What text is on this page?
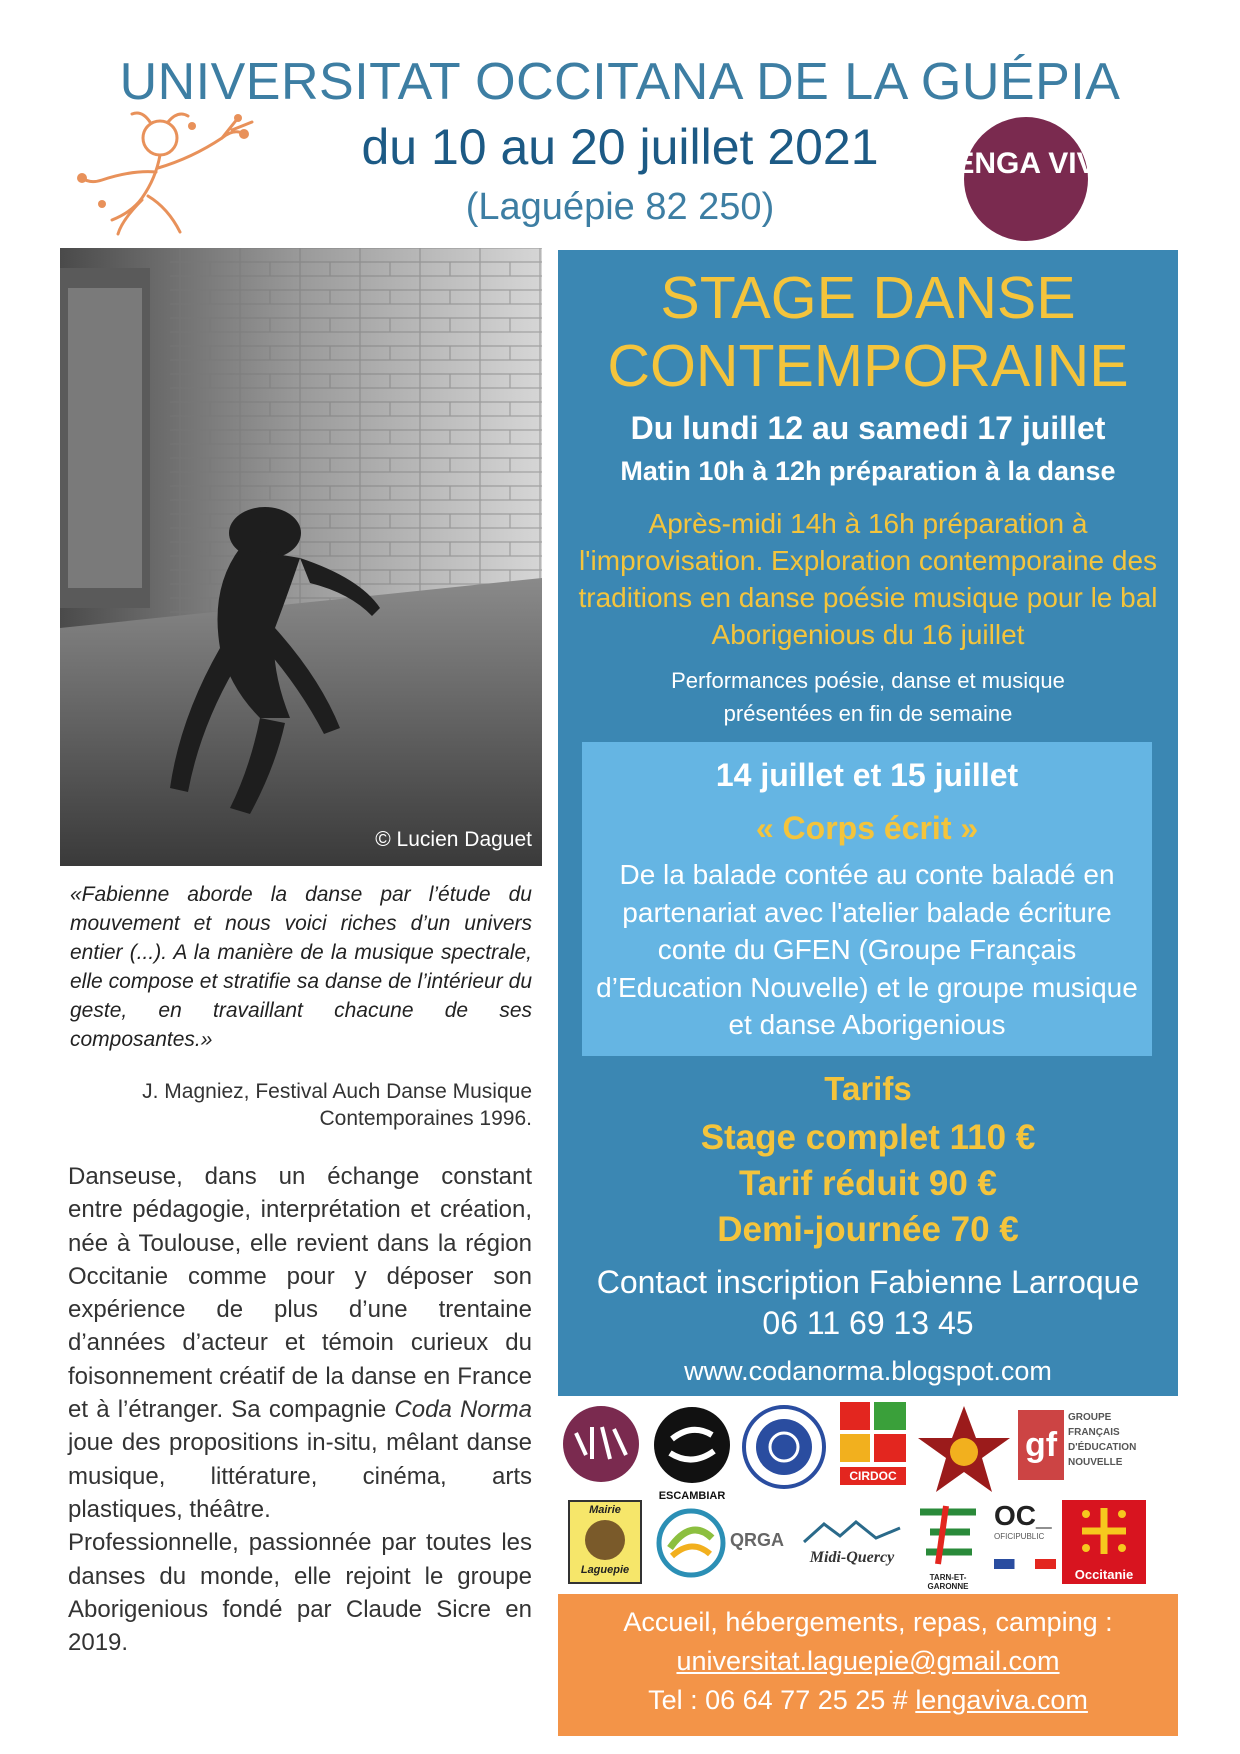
UNIVERSITAT OCCITANA DE LA GUÉPIA
du 10 au 20 juillet 2021
(Laguépie 82 250)
LENGA VIVA
© Lucien Daguet
«Fabienne aborde la danse par l’étude du mouvement et nous voici riches d’un univers entier (...). A la manière de la musique spectrale, elle compose et stratifie sa danse de l’intérieur du geste, en travaillant chacune de ses composantes.»
J. Magniez, Festival Auch Danse Musique
Contemporaines 1996.
Danseuse, dans un échange constant entre pédagogie, interprétation et création, née à Toulouse, elle revient dans la région Occitanie comme pour y déposer son expérience de plus d’une trentaine d’années d’acteur et témoin curieux du foisonnement créatif de la danse en France et à l’étranger. Sa compagnie Coda Norma joue des propositions in-situ, mêlant danse musique, littérature, cinéma, arts plastiques, théâtre.
Professionnelle, passionnée par toutes les danses du monde, elle rejoint le groupe Aborigenious fondé par Claude Sicre en 2019.
STAGE DANSE
CONTEMPORAINE
Du lundi 12 au samedi 17 juillet
Matin 10h à 12h préparation à la danse
Après-midi 14h à 16h préparation à l'improvisation. Exploration contemporaine des traditions en danse poésie musique pour le bal Aborigenious du 16 juillet
Performances poésie, danse et musique
présentées en fin de semaine
14 juillet et 15 juillet
« Corps écrit »
De la balade contée au conte baladé en partenariat avec l'atelier balade écriture conte du GFEN (Groupe Français d’Education Nouvelle) et le groupe musique et danse Aborigenious
Tarifs
Stage complet 110 €
Tarif réduit 90 €
Demi-journée 70 €
Contact inscription Fabienne Larroque
06 11 69 13 45
www.codanorma.blogspot.com
ESCAMBIAR
CIRDOC
gf
GROUPE
FRANÇAIS
D'ÉDUCATION
NOUVELLE
Mairie
Laguepie
QRGA
Midi-Quercy
TARN-ET-GARONNE
OC_
OFICIPUBLIC
Occitanie
Accueil, hébergements, repas, camping :
universitat.laguepie@gmail.com
Tel : 06 64 77 25 25 # lengaviva.com
